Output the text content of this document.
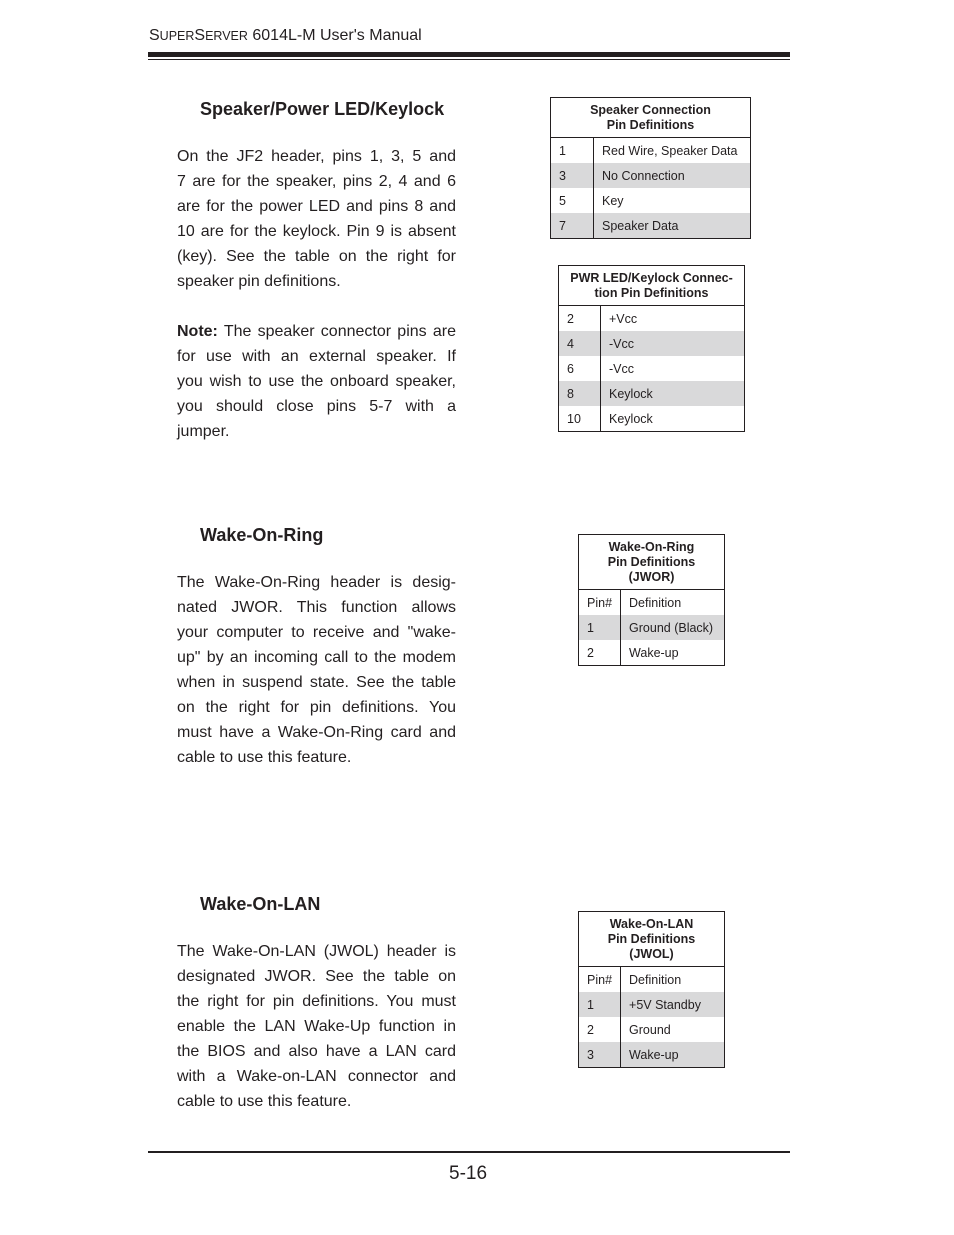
SUPERSERVER 6014L-M User's Manual
Speaker/Power LED/Keylock

On the JF2 header, pins 1, 3, 5 and
7 are for the speaker, pins 2, 4 and 6
are for the power LED and pins 8 and
10 are for the keylock. Pin 9 is absent
(key). See the table on the right for
speaker pin definitions.

Note: The speaker connector pins are
for use with an external speaker. If
you wish to use the onboard speaker,
you should close pins 5-7 with a
jumper.

Speaker Connection
Pin Definitions	
1	Red Wire, Speaker Data
3	No Connection
5	Key
7	Speaker Data
PWR LED/Keylock Connec-
tion Pin Definitions	
2	+Vcc
4	-Vcc
6	-Vcc
8	Keylock
10	Keylock
Wake-On-Ring

The Wake-On-Ring header is desig-
nated JWOR. This function allows
your computer to receive and "wake-
up" by an incoming call to the modem
when in suspend state. See the table
on the right for pin definitions. You
must have a Wake-On-Ring card and
cable to use this feature.

Wake-On-Ring
Pin Definitions
(JWOR)	
Pin#	Definition
1	Ground (Black)
2	Wake-up
Wake-On-LAN

The Wake-On-LAN (JWOL) header is
designated JWOR. See the table on
the right for pin definitions. You must
enable the LAN Wake-Up function in
the BIOS and also have a LAN card
with a Wake-on-LAN connector and
cable to use this feature.

Wake-On-LAN
Pin Definitions
(JWOL)	
Pin#	Definition
1	+5V Standby
2	Ground
3	Wake-up
5-16
